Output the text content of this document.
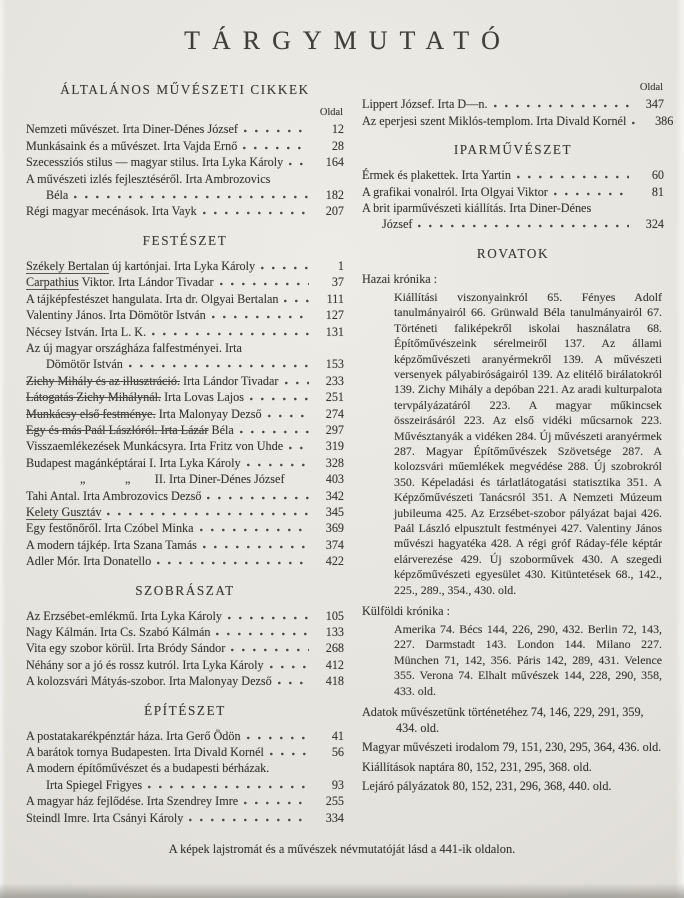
TÁRGYMUTATÓ
ÁLTALÁNOS MŰVÉSZETI CIKKEK
Oldal
Nemzeti művészet. Irta Diner-Dénes József	12
Munkásaink és a művészet. Irta Vajda Ernő	28
Szecessziós stilus — magyar stilus. Irta Lyka Károly	164
A művészeti izlés fejlesztéséről. Irta Ambrozovics
Béla	182
Régi magyar mecénások. Irta Vayk	207
FESTÉSZET
Székely Bertalan új kartónjai. Irta Lyka Károly	1
Carpathius Viktor. Irta Lándor Tivadar	37
A tájképfestészet hangulata. Irta dr. Olgyai Bertalan	111
Valentiny János. Irta Dömötör István	127
Nécsey István. Irta L. K.	131
Az új magyar országháza falfestményei. Irta
Dömötör István	153
Zichy Mihály és az illusztráció. Irta Lándor Tivadar	233
Látogatás Zichy Mihálynál. Irta Lovas Lajos	251
Munkácsy első festménye. Irta Malonyay Dezső	274
Egy és más Paál Lászlóról. Irta Lázár Béla	297
Visszaemlékezések Munkácsyra. Irta Fritz von Uhde	319
Budapest magánképtárai I. Irta Lyka Károly	328
„             „        II. Irta Diner-Dénes József	403
Tahi Antal. Irta Ambrozovics Dezső	342
Kelety Gusztáv	345
Egy festőnőről. Irta Czóbel Minka	369
A modern tájkép. Irta Szana Tamás	374
Adler Mór. Irta Donatello	422
SZOBRÁSZAT
Az Erzsébet-emlékmű. Irta Lyka Károly	105
Nagy Kálmán. Irta Cs. Szabó Kálmán	133
Vita egy szobor körül. Irta Bródy Sándor	268
Néhány sor a jó és rossz kutról. Irta Lyka Károly	412
A kolozsvári Mátyás-szobor. Irta Malonyay Dezső	418
ÉPÍTÉSZET
A postatakarékpénztár háza. Irta Gerő Ödön	41
A barátok tornya Budapesten. Irta Divald Kornél	56
A modern építőművészet és a budapesti bérházak.
Irta Spiegel Frigyes	93
A magyar ház fejlődése. Irta Szendrey Imre	255
Steindl Imre. Irta Csányi Károly	334
Oldal
Lippert József. Irta D—n.	347
Az eperjesi szent Miklós-templom. Irta Divald Kornél	386
IPARMŰVÉSZET
Érmek és plakettek. Irta Yartin	60
A grafikai vonalról. Irta Olgyai Viktor	81
A brit iparművészeti kiállítás. Irta Diner-Dénes
József	324
ROVATOK
Hazai krónika :
Kiállítási viszonyainkról 65. Fényes Adolf tanulmányairól 66. Grünwald Béla tanulmányairól 67. Történeti faliképekről iskolai használatra 68. Építőművészeink sérelmeiről 137. Az állami képzőművészeti aranyérmekről 139. A művészeti versenyek pályabiróságairól 139. Az elitélő birálatokról 139. Zichy Mihály a depóban 221. Az aradi kulturpalota tervpályázatáról 223. A magyar műkincsek összeirásáról 223. Az első vidéki műcsarnok 223. Művésztanyák a vidéken 284. Új művészeti aranyérmek 287. Magyar Építőművészek Szövetsége 287. A kolozsvári műemlékek megvédése 288. Új szobrokról 350. Képeladási és tárlatlátogatási statisztika 351. A Képzőművészeti Tanácsról 351. A Nemzeti Múzeum jubileuma 425. Az Erzsébet-szobor pályázat bajai 426. Paál László elpusztult festményei 427. Valentiny János művészi hagyatéka 428. A régi gróf Ráday-féle képtár elárverezése 429. Új szoborművek 430. A szegedi képzőművészeti egyesület 430. Kitüntetések 68., 142., 225., 289., 354., 430. old.
Külföldi krónika :
Amerika 74. Bécs 144, 226, 290, 432. Berlin 72, 143, 227. Darmstadt 143. London 144. Milano 227. München 71, 142, 356. Páris 142, 289, 431. Velence 355. Verona 74. Elhalt művészek 144, 228, 290, 358, 433. old.
Adatok művészetünk történetéhez 74, 146, 229, 291, 359, 434. old.
Magyar művészeti irodalom 79, 151, 230, 295, 364, 436. old.
Kiállítások naptára 80, 152, 231, 295, 368. old.
Lejáró pályázatok 80, 152, 231, 296, 368, 440. old.
A képek lajstromát és a művészek névmutatóját lásd a 441-ik oldalon.
